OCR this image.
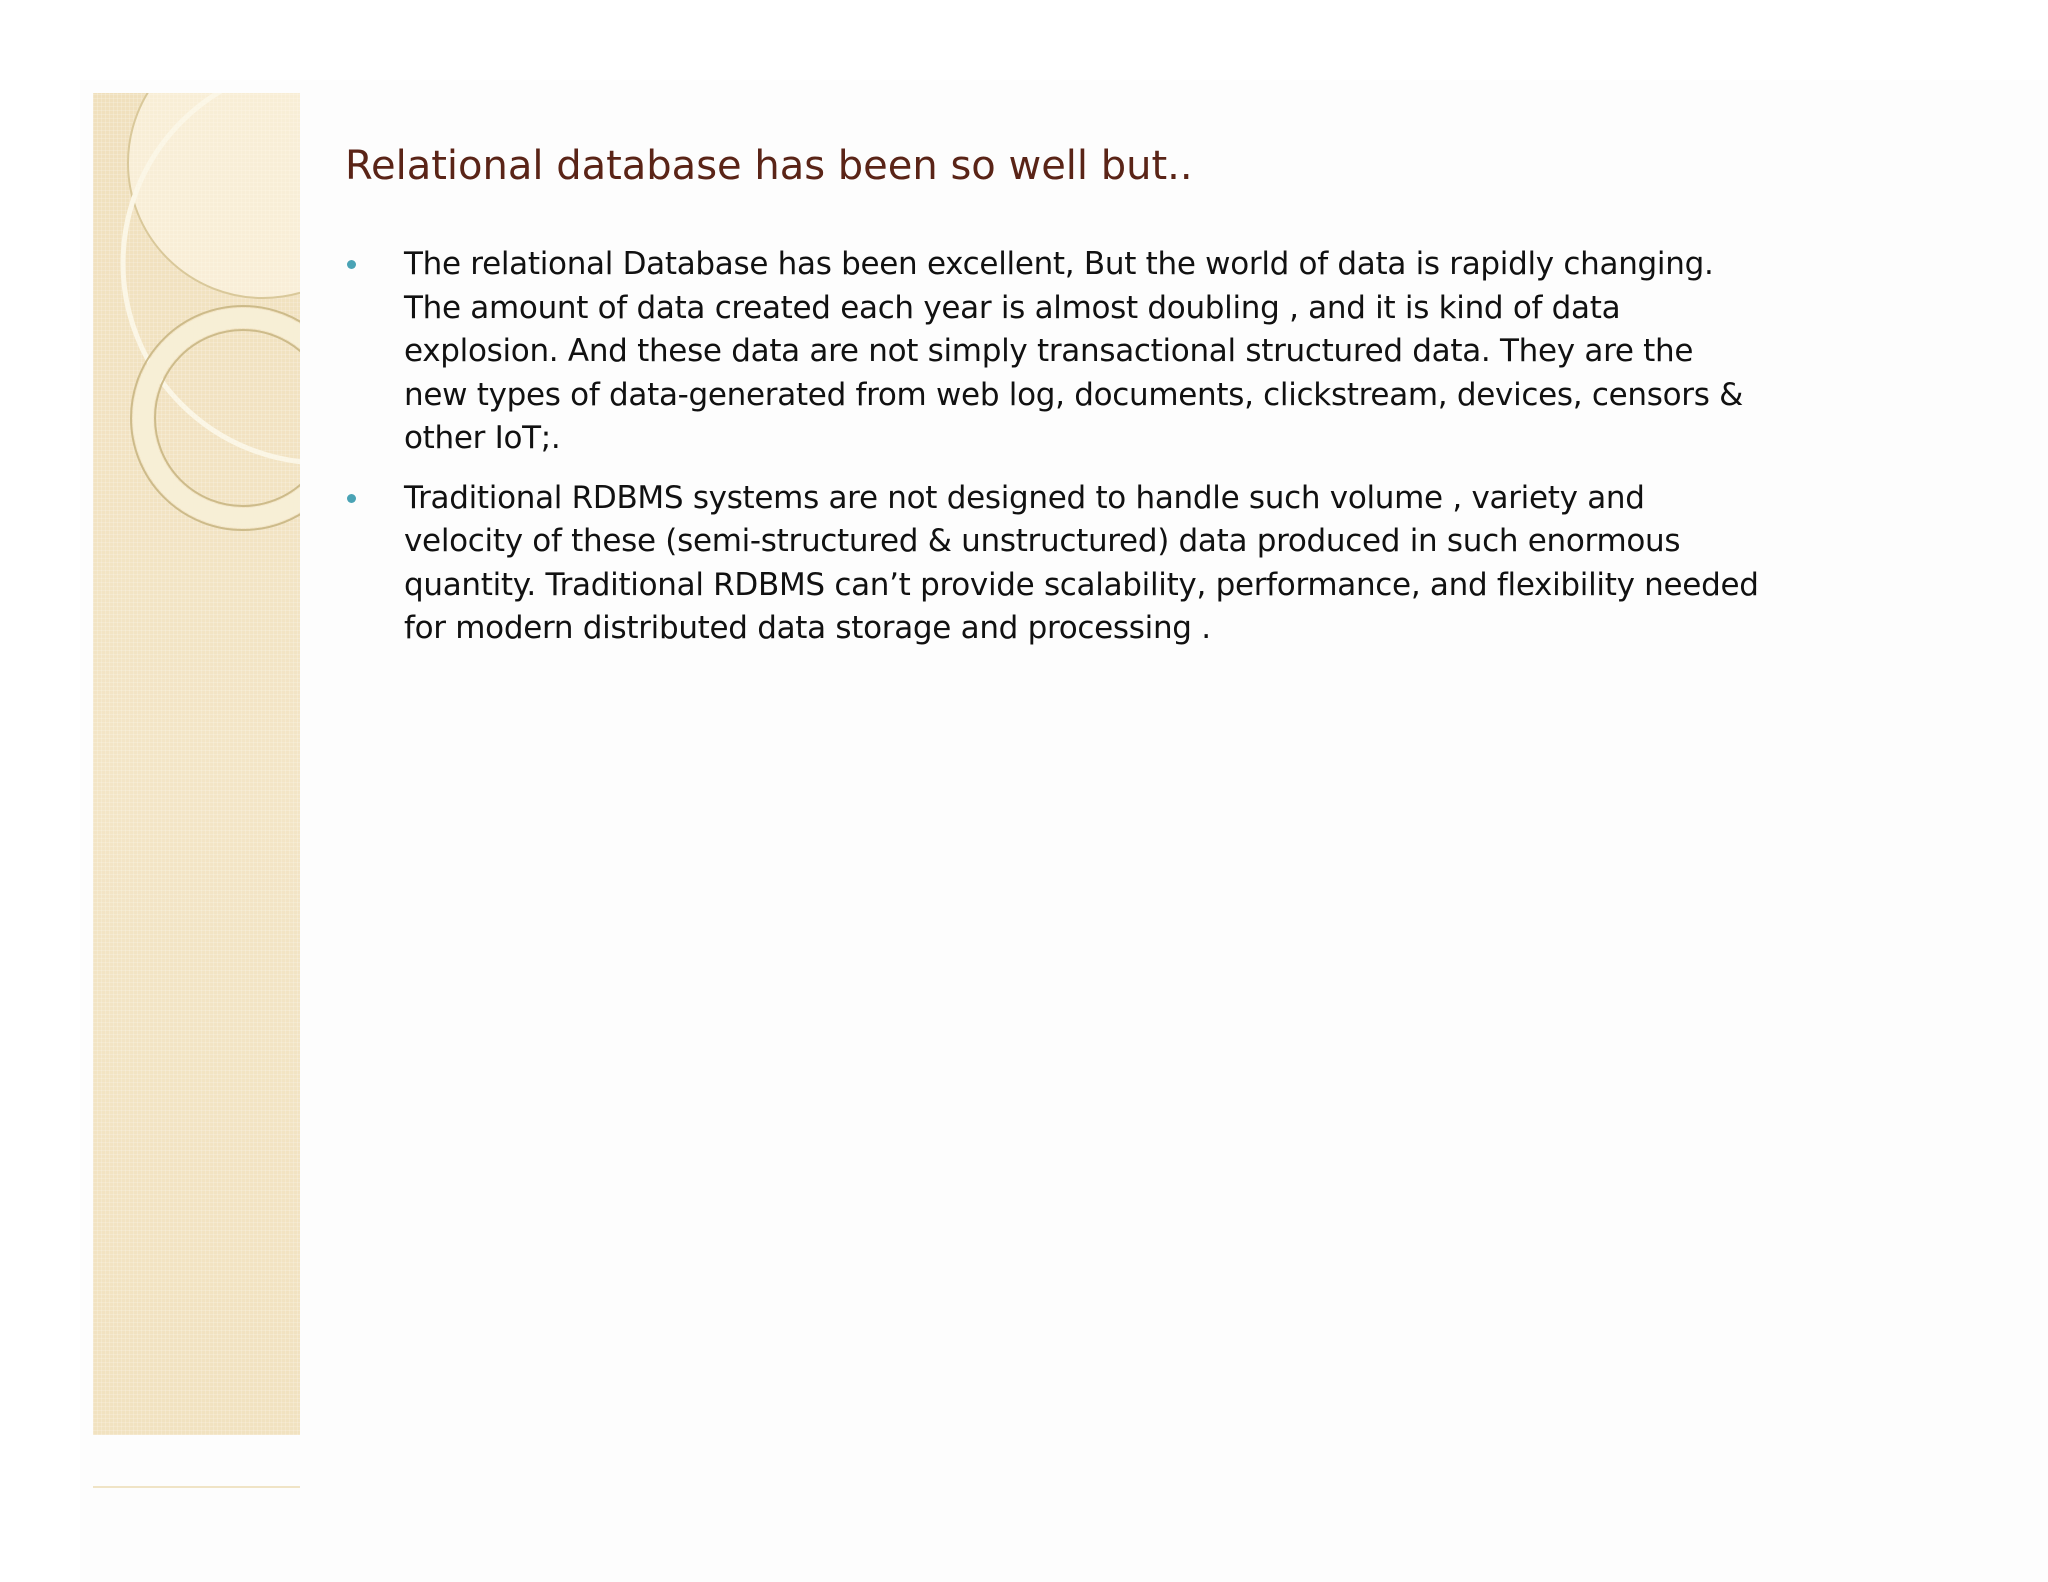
Relational database has been so well but..
The relational Database has been excellent, But the world of data is rapidly changing. The amount of data created each year is almost doubling , and it is kind of data explosion. And these data are not simply transactional structured data. They are the new types of data-generated from web log, documents, clickstream, devices, censors & other IoT;.
Traditional RDBMS systems are not designed to handle such volume , variety and velocity of these (semi-structured & unstructured) data produced in such enormous quantity. Traditional RDBMS can’t provide scalability, performance, and flexibility needed for modern distributed data storage and processing .
